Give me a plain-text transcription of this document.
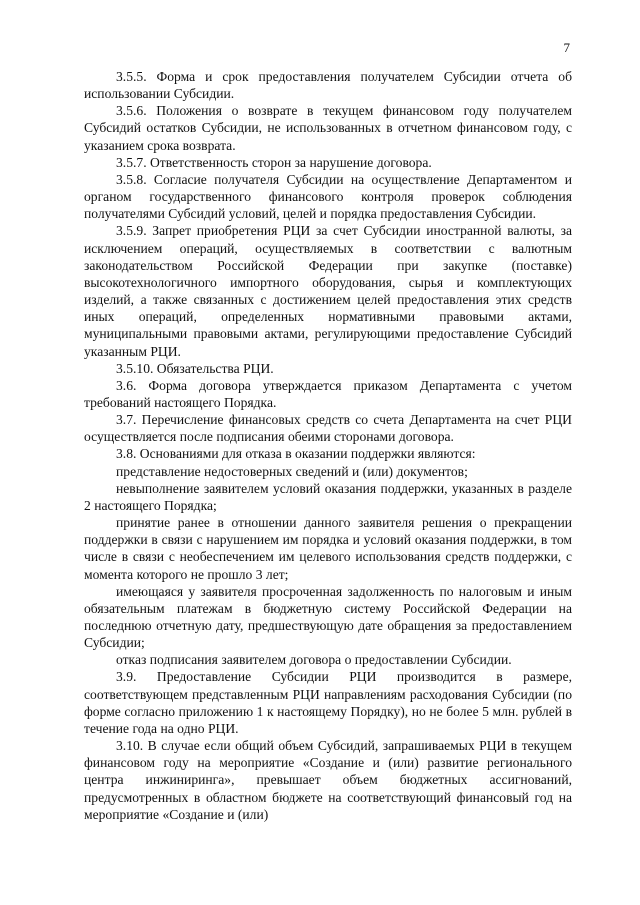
7

3.5.5. Форма и срок предоставления получателем Субсидии отчета об использовании Субсидии.

3.5.6. Положения о возврате в текущем финансовом году получателем Субсидий остатков Субсидии, не использованных в отчетном финансовом году, с указанием срока возврата.

3.5.7. Ответственность сторон за нарушение договора.

3.5.8. Согласие получателя Субсидии на осуществление Департаментом и органом государственного финансового контроля проверок соблюдения получателями Субсидий условий, целей и порядка предоставления Субсидии.

3.5.9. Запрет приобретения РЦИ за счет Субсидии иностранной валюты, за исключением операций, осуществляемых в соответствии с валютным законодательством Российской Федерации при закупке (поставке) высокотехнологичного импортного оборудования, сырья и комплектующих изделий, а также связанных с достижением целей предоставления этих средств иных операций, определенных нормативными правовыми актами, муниципальными правовыми актами, регулирующими предоставление Субсидий указанным РЦИ.

3.5.10. Обязательства РЦИ.

3.6. Форма договора утверждается приказом Департамента с учетом требований настоящего Порядка.

3.7. Перечисление финансовых средств со счета Департамента на счет РЦИ осуществляется после подписания обеими сторонами договора.

3.8. Основаниями для отказа в оказании поддержки являются:

представление недостоверных сведений и (или) документов;

невыполнение заявителем условий оказания поддержки, указанных в разделе 2 настоящего Порядка;

принятие ранее в отношении данного заявителя решения о прекращении поддержки в связи с нарушением им порядка и условий оказания поддержки, в том числе в связи с необеспечением им целевого использования средств поддержки, с момента которого не прошло 3 лет;

имеющаяся у заявителя просроченная задолженность по налоговым и иным обязательным платежам в бюджетную систему Российской Федерации на последнюю отчетную дату, предшествующую дате обращения за предоставлением Субсидии;

отказ подписания заявителем договора о предоставлении Субсидии.

3.9. Предоставление Субсидии РЦИ производится в размере, соответствующем представленным РЦИ направлениям расходования Субсидии (по форме согласно приложению 1 к настоящему Порядку), но не более 5 млн. рублей в течение года на одно РЦИ.

3.10. В случае если общий объем Субсидий, запрашиваемых РЦИ в текущем финансовом году на мероприятие «Создание и (или) развитие регионального центра инжиниринга», превышает объем бюджетных ассигнований, предусмотренных в областном бюджете на соответствующий финансовый год на мероприятие «Создание и (или)
